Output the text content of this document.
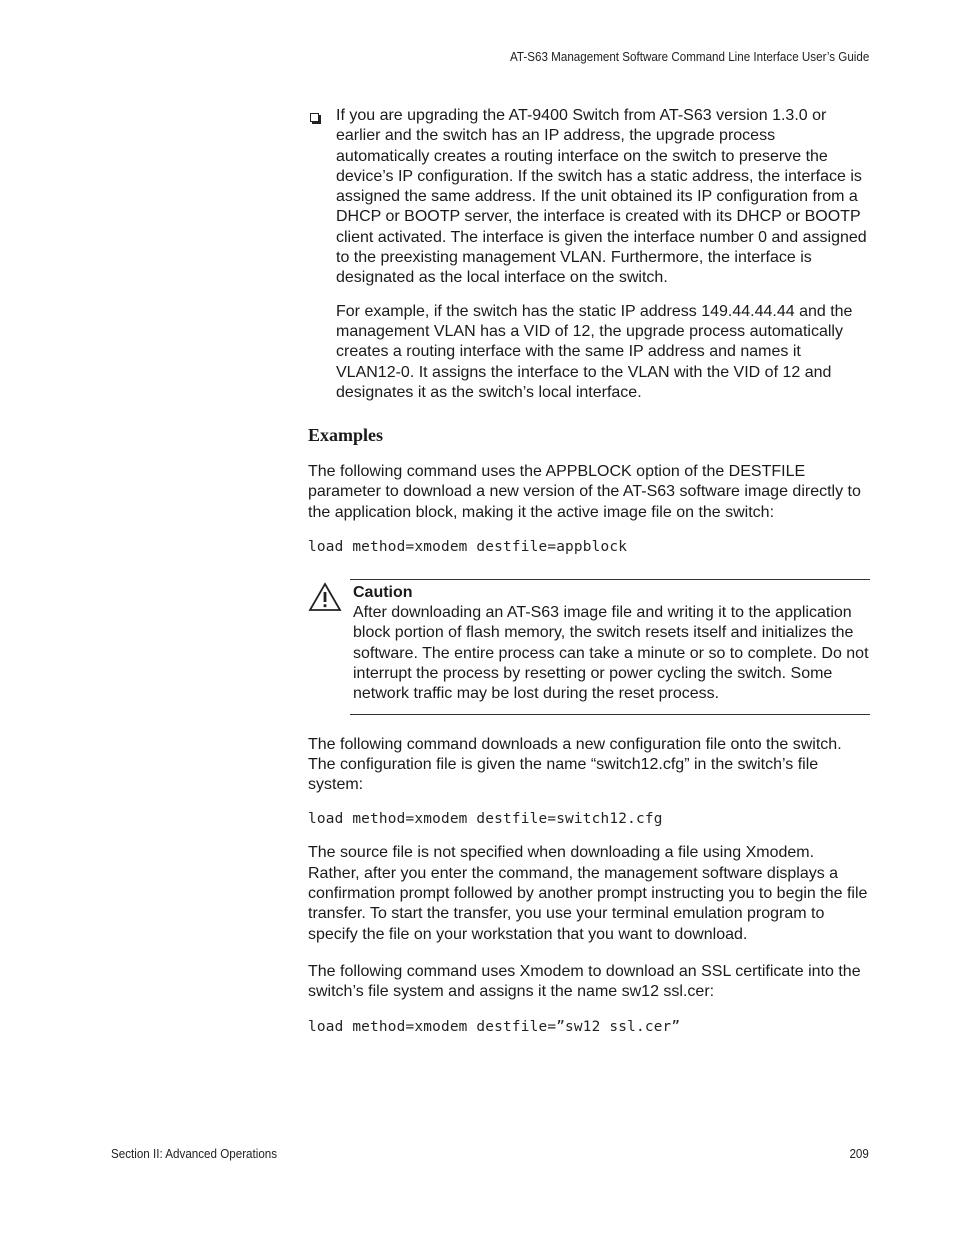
AT-S63 Management Software Command Line Interface User’s Guide

If you are upgrading the AT-9400 Switch from AT-S63 version 1.3.0 or earlier and the switch has an IP address, the upgrade process automatically creates a routing interface on the switch to preserve the device’s IP configuration. If the switch has a static address, the interface is assigned the same address. If the unit obtained its IP configuration from a DHCP or BOOTP server, the interface is created with its DHCP or BOOTP client activated. The interface is given the interface number 0 and assigned to the preexisting management VLAN. Furthermore, the interface is designated as the local interface on the switch.

For example, if the switch has the static IP address 149.44.44.44 and the management VLAN has a VID of 12, the upgrade process automatically creates a routing interface with the same IP address and names it VLAN12-0. It assigns the interface to the VLAN with the VID of 12 and designates it as the switch’s local interface.

Examples

The following command uses the APPBLOCK option of the DESTFILE parameter to download a new version of the AT-S63 software image directly to the application block, making it the active image file on the switch:

load method=xmodem destfile=appblock

Caution

After downloading an AT-S63 image file and writing it to the application block portion of flash memory, the switch resets itself and initializes the software. The entire process can take a minute or so to complete. Do not interrupt the process by resetting or power cycling the switch. Some network traffic may be lost during the reset process.

The following command downloads a new configuration file onto the switch. The configuration file is given the name “switch12.cfg” in the switch’s file system:

load method=xmodem destfile=switch12.cfg

The source file is not specified when downloading a file using Xmodem. Rather, after you enter the command, the management software displays a confirmation prompt followed by another prompt instructing you to begin the file transfer. To start the transfer, you use your terminal emulation program to specify the file on your workstation that you want to download.

The following command uses Xmodem to download an SSL certificate into the switch’s file system and assigns it the name sw12 ssl.cer:

load method=xmodem destfile=”sw12 ssl.cer”

Section II: Advanced Operations	209
